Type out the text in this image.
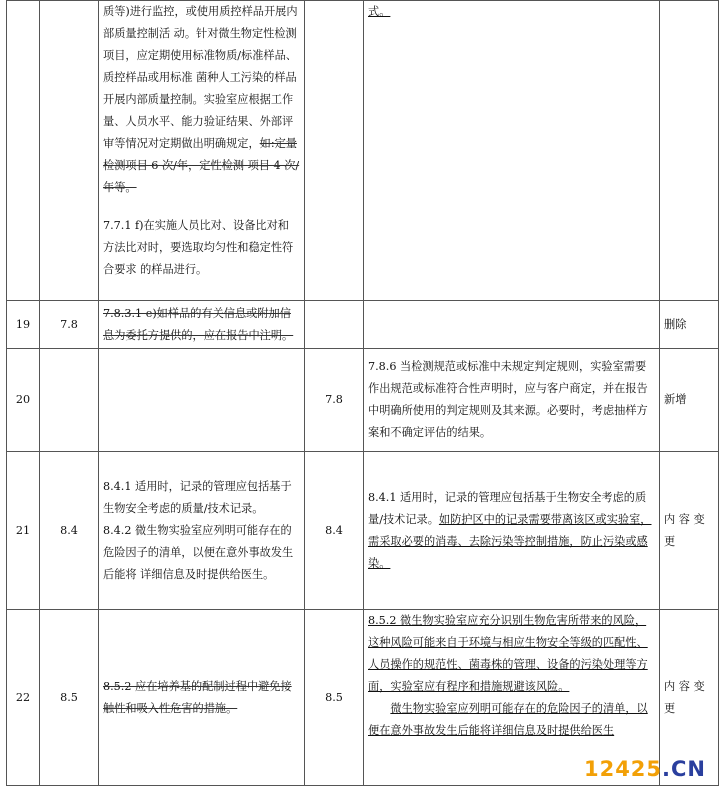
		质等)进行监控，或使用质控样品开展内部质量控制活 动。针对微生物定性检测项目，应定期使用标准物质/标准样品、质控样品或用标准 菌种人工污染的样品开展内部质量控制。实验室应根据工作量、人员水平、能力验证结果、外部评审等情况对定期做出明确规定，如:定量检测项目 6 次/年，定性检测 项目 4 次/年等。

7.7.1 f)在实施人员比对、设备比对和方法比对时，要选取均匀性和稳定性符合要求 的样品进行。		式。	
19	7.8	7.8.3.1 e)如样品的有关信息或附加信息为委托方提供的，应在报告中注明。			删除
20			7.8	7.8.6 当检测规范或标准中未规定判定规则，实验室需要作出规范或标准符合性声明时，应与客户商定，并在报告中明确所使用的判定规则及其来源。必要时，考虑抽样方案和不确定评估的结果。	新增
21	8.4	8.4.1 适用时，记录的管理应包括基于生物安全考虑的质量/技术记录。

8.4.2 微生物实验室应列明可能存在的危险因子的清单，以便在意外事故发生后能将 详细信息及时提供给医生。	8.4	8.4.1 适用时，记录的管理应包括基于生物安全考虑的质量/技术记录。如防护区中的记录需要带离该区或实验室，需采取必要的消毒、去除污染等控制措施，防止污染或感染。	内 容 变 更
22	8.5	8.5.2 应在培养基的配制过程中避免接触性和吸入性危害的措施。	8.5	8.5.2 微生物实验室应充分识别生物危害所带来的风险，这种风险可能来自于环境与相应生物安全等级的匹配性、人员操作的规范性、菌毒株的管理、设备的污染处理等方面，实验室应有程序和措施规避该风险。

微生物实验室应列明可能存在的危险因子的清单，以便在意外事故发生后能将详细信息及时提供给医生	内 容 变 更
12425.CN
